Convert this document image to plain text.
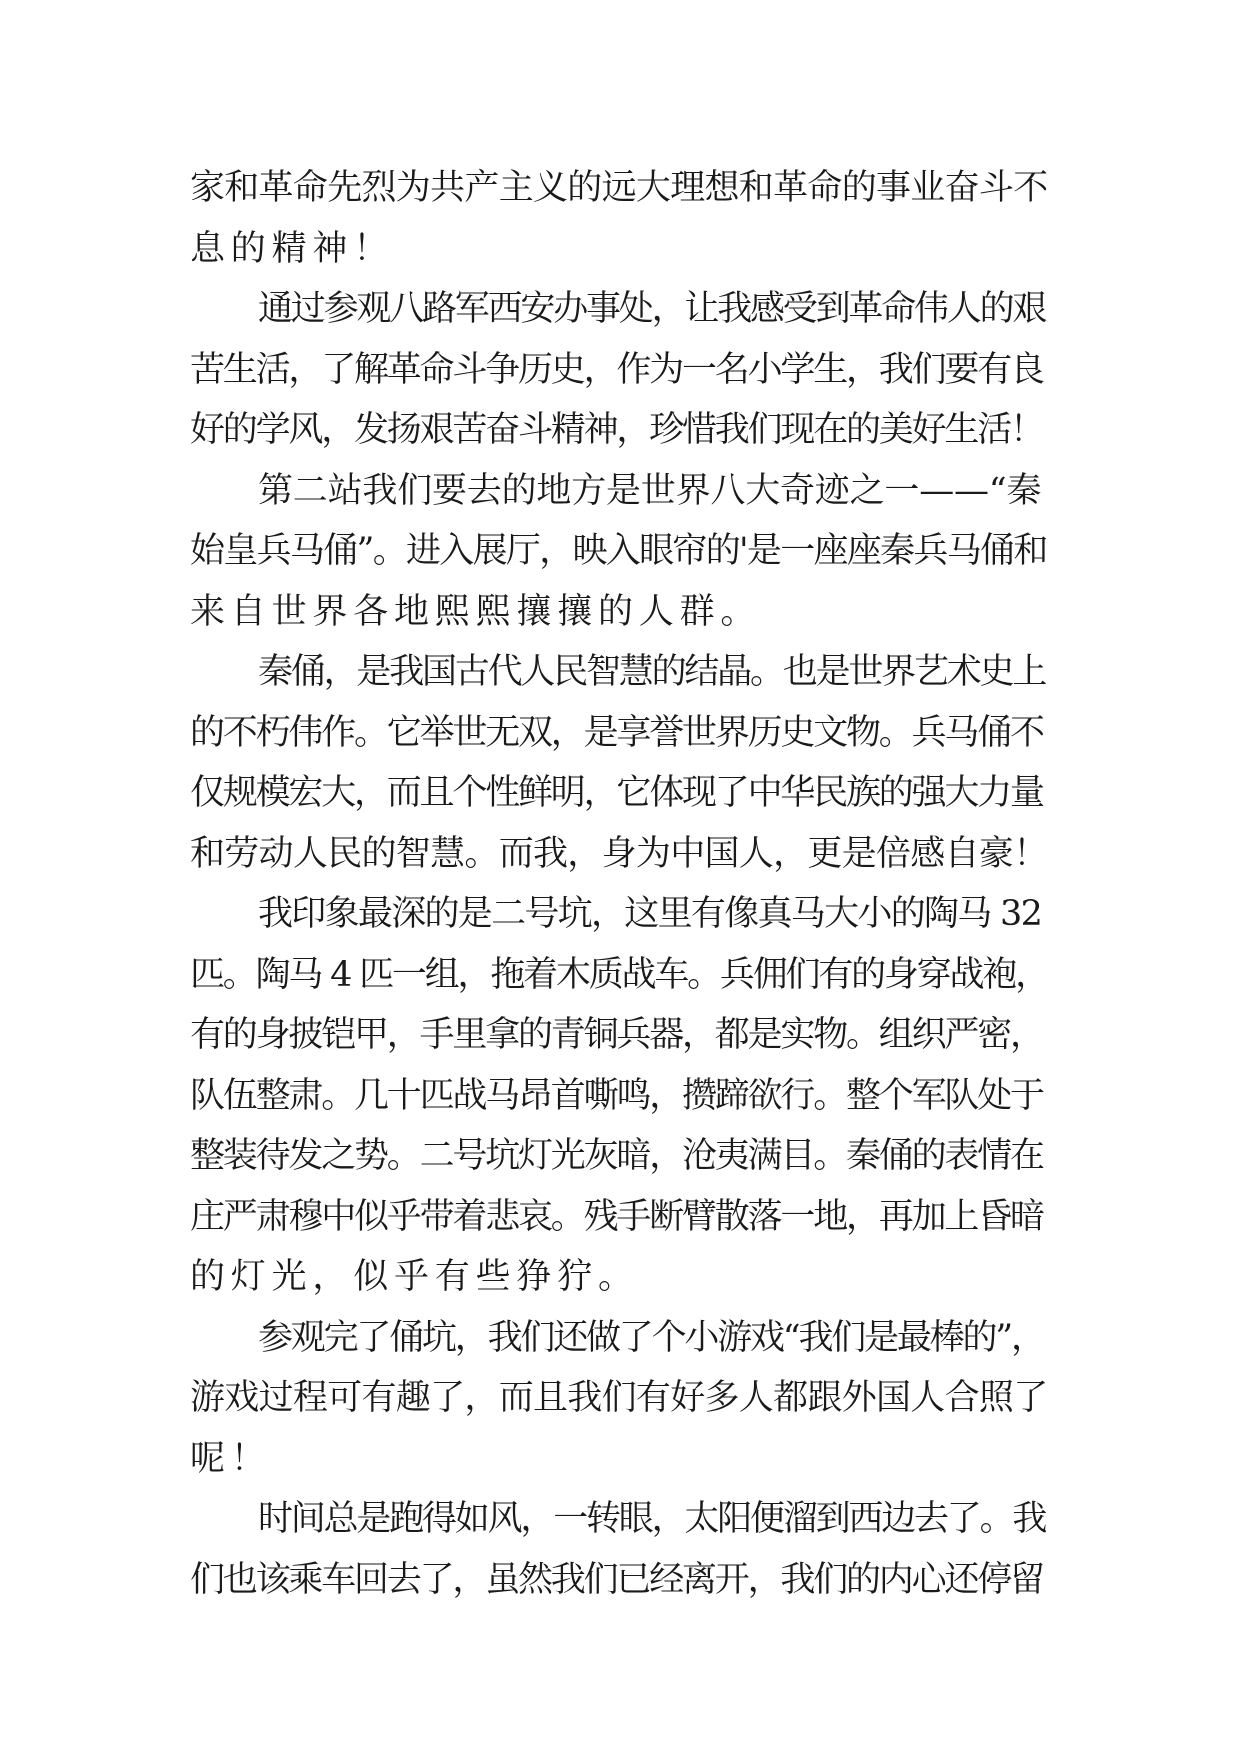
家和革命先烈为共产主义的远大理想和革命的事业奋斗不
息的精神！
通过参观八路军西安办事处，让我感受到革命伟人的艰
苦生活，了解革命斗争历史，作为一名小学生，我们要有良
好的学风，发扬艰苦奋斗精神，珍惜我们现在的美好生活！
第二站我们要去的地方是世界八大奇迹之一——“秦
始皇兵马俑”。进入展厅，映入眼帘的'是一座座秦兵马俑和
来自世界各地熙熙攘攘的人群。
秦俑，是我国古代人民智慧的结晶。也是世界艺术史上
的不朽伟作。它举世无双，是享誉世界历史文物。兵马俑不
仅规模宏大，而且个性鲜明，它体现了中华民族的强大力量
和劳动人民的智慧。而我，身为中国人，更是倍感自豪！
我印象最深的是二号坑，这里有像真马大小的陶马 32
匹。陶马 4 匹一组，拖着木质战车。兵佣们有的身穿战袍，
有的身披铠甲，手里拿的青铜兵器，都是实物。组织严密，
队伍整肃。几十匹战马昂首嘶鸣，攒蹄欲行。整个军队处于
整装待发之势。二号坑灯光灰暗，沧夷满目。秦俑的表情在
庄严肃穆中似乎带着悲哀。残手断臂散落一地，再加上昏暗
的灯光，似乎有些狰狞。
参观完了俑坑，我们还做了个小游戏“我们是最棒的”，
游戏过程可有趣了，而且我们有好多人都跟外国人合照了
呢！
时间总是跑得如风，一转眼，太阳便溜到西边去了。我
们也该乘车回去了，虽然我们已经离开，我们的内心还停留
